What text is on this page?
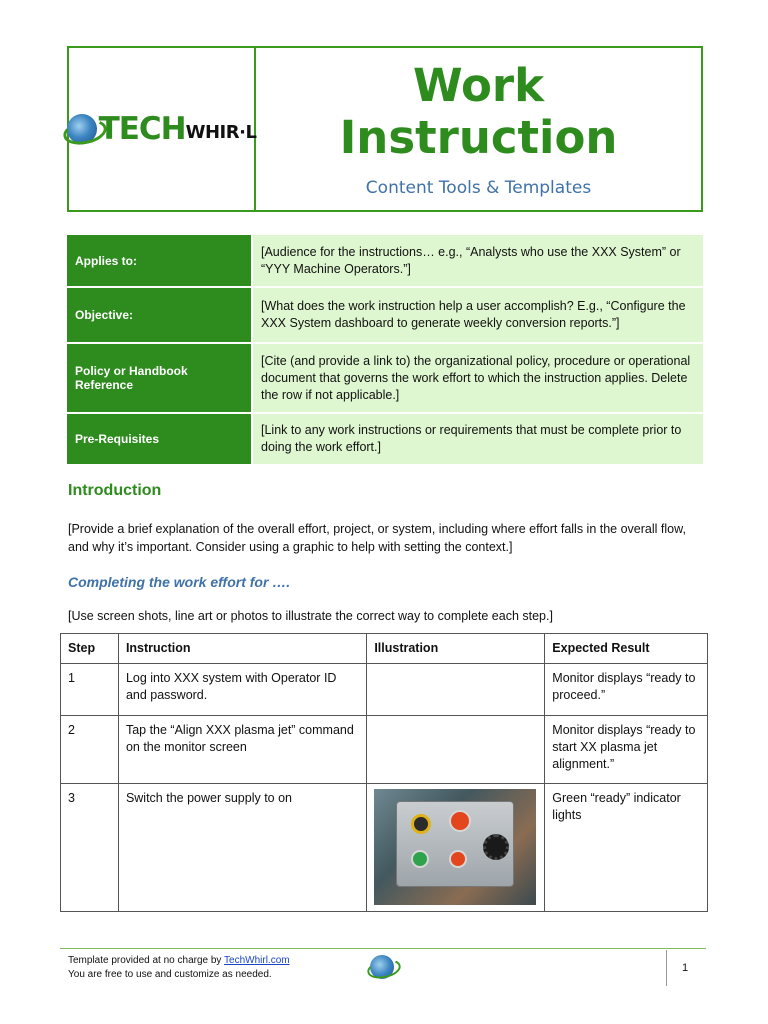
TECH WHIR·L
Work
Instruction
Content Tools & Templates
Applies to:
[Audience for the instructions… e.g., “Analysts who use the XXX System” or “YYY Machine Operators.”]
Objective:
[What does the work instruction help a user accomplish? E.g., “Configure the XXX System dashboard to generate weekly conversion reports.”]
Policy or Handbook Reference
[Cite (and provide a link to) the organizational policy, procedure or operational document that governs the work effort to which the instruction applies. Delete the row if not applicable.]
Pre-Requisites
[Link to any work instructions or requirements that must be complete prior to doing the work effort.]
Introduction
[Provide a brief explanation of the overall effort, project, or system, including where effort falls in the overall flow, and why it’s important. Consider using a graphic to help with setting the context.]
Completing the work effort for ….
[Use screen shots, line art or photos to illustrate the correct way to complete each step.]
Step	Instruction	Illustration	Expected Result
1	Log into XXX system with Operator ID and password.		Monitor displays “ready to proceed.”
2	Tap the “Align XXX plasma jet” command on the monitor screen		Monitor displays “ready to start XX plasma jet alignment.”
3	Switch the power supply to on		Green “ready” indicator lights
Template provided at no charge by TechWhirl.com
You are free to use and customize as needed.
1
